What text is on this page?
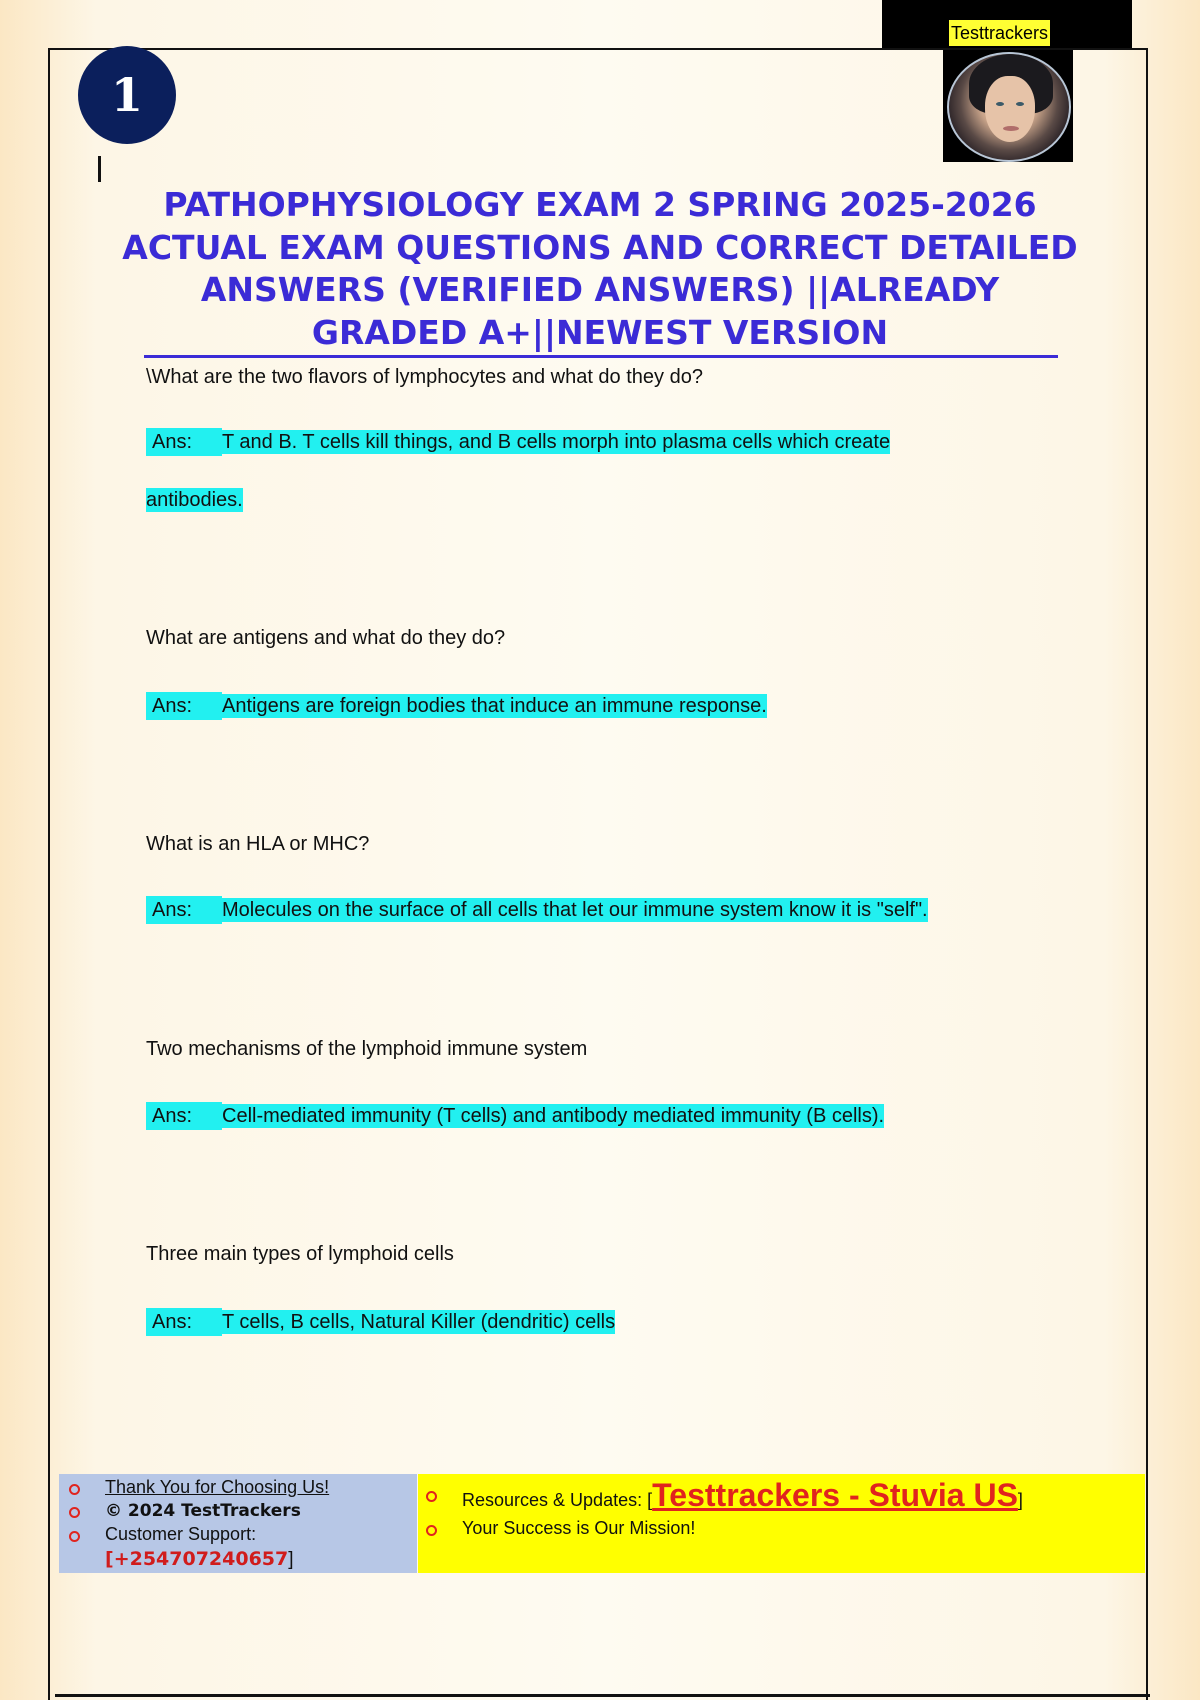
Testtrackers
1
PATHOPHYSIOLOGY EXAM 2 SPRING 2025-2026 ACTUAL EXAM QUESTIONS AND CORRECT DETAILED ANSWERS (VERIFIED ANSWERS) ||ALREADY GRADED A+||NEWEST VERSION

\What are the two flavors of lymphocytes and what do they do?

Ans: T and B. T cells kill things, and B cells morph into plasma cells which create

antibodies.

What are antigens and what do they do?

Ans: Antigens are foreign bodies that induce an immune response.

What is an HLA or MHC?

Ans: Molecules on the surface of all cells that let our immune system know it is "self".

Two mechanisms of the lymphoid immune system

Ans: Cell-mediated immunity (T cells) and antibody mediated immunity (B cells).

Three main types of lymphoid cells

Ans: T cells, B cells, Natural Killer (dendritic) cells

Thank You for Choosing Us!
© 2024 TestTrackers
Customer Support:
[+254707240657]
Resources & Updates: [Testtrackers - Stuvia US]
Your Success is Our Mission!
